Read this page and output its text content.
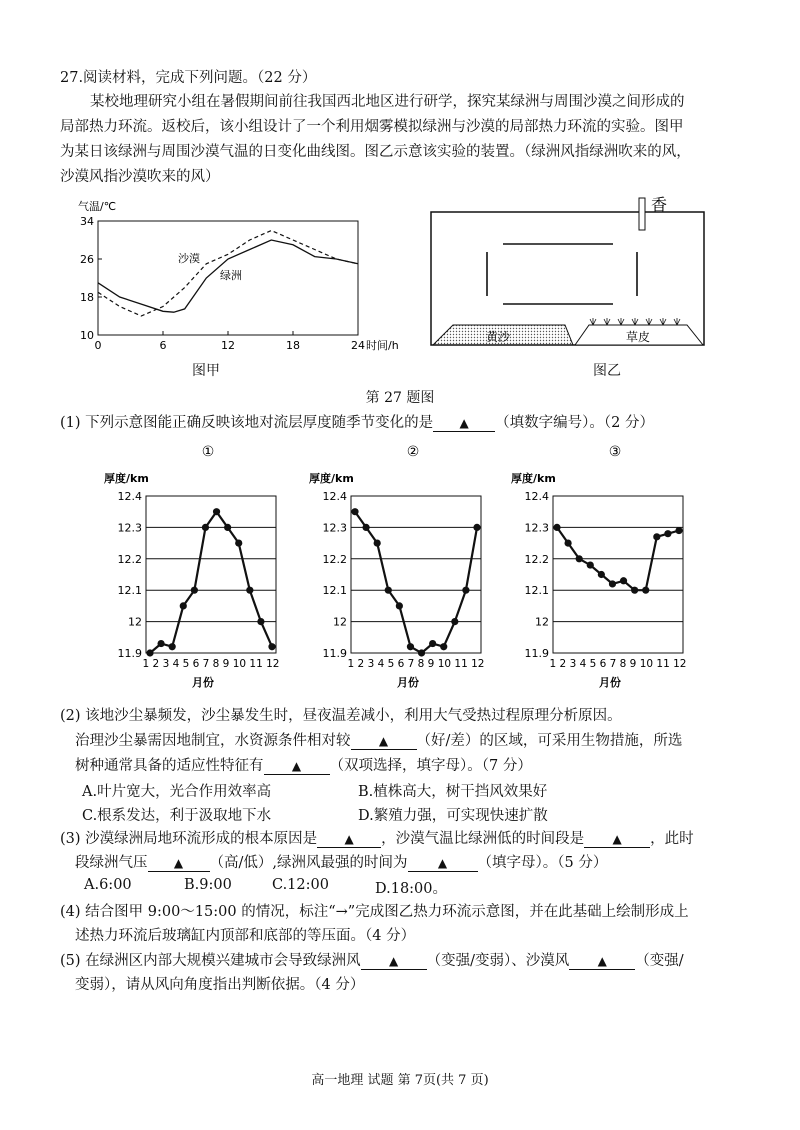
27.阅读材料，完成下列问题。（22 分）
某校地理研究小组在暑假期间前往我国西北地区进行研学，探究某绿洲与周围沙漠之间形成的
局部热力环流。返校后，该小组设计了一个利用烟雾模拟绿洲与沙漠的局部热力环流的实验。图甲
为某日该绿洲与周围沙漠气温的日变化曲线图。图乙示意该实验的装置。（绿洲风指绿洲吹来的风，
沙漠风指沙漠吹来的风）
气温/℃
34
26
18
10
0	6	12	18	24 时间/h
沙漠
绿洲
图甲
香
黄沙	草皮
图乙
第 27 题图
(1) 下列示意图能正确反映该地对流层厚度随季节变化的是 ▲ （填数字编号）。（2 分）
①
厚度/km
12.4
12.3
12.2
12.1
12
11.9
1 2 3 4 5 6 7 8 9 10 11 12
月份
②
厚度/km
12.4
12.3
12.2
12.1
12
11.9
1 2 3 4 5 6 7 8 9 10 11 12
月份
③
厚度/km
12.4
12.3
12.2
12.1
12
11.9
1 2 3 4 5 6 7 8 9 10 11 12
月份
(2) 该地沙尘暴频发，沙尘暴发生时，昼夜温差减小，利用大气受热过程原理分析原因。
治理沙尘暴需因地制宜，水资源条件相对较 ▲ （好/差）的区域，可采用生物措施，所选
树种通常具备的适应性特征有 ▲ （双项选择，填字母）。（7 分）
A.叶片宽大，光合作用效率高	B.植株高大，树干挡风效果好
C.根系发达，利于汲取地下水	D.繁殖力强，可实现快速扩散
(3) 沙漠绿洲局地环流形成的根本原因是 ▲ ，沙漠气温比绿洲低的时间段是 ▲ ，此时
段绿洲气压 ▲ （高/低）,绿洲风最强的时间为	▲ （填字母）。（5 分）
A.6:00	B.9:00	C.12:00	D.18:00。
(4) 结合图甲 9:00～15:00 的情况，标注“→”完成图乙热力环流示意图，并在此基础上绘制形成上
述热力环流后玻璃缸内顶部和底部的等压面。（4 分）
(5) 在绿洲区内部大规模兴建城市会导致绿洲风 ▲ （变强/变弱）、沙漠风 ▲ （变强/
变弱），请从风向角度指出判断依据。（4 分）
高一地理 试题 第 7页(共 7 页)
